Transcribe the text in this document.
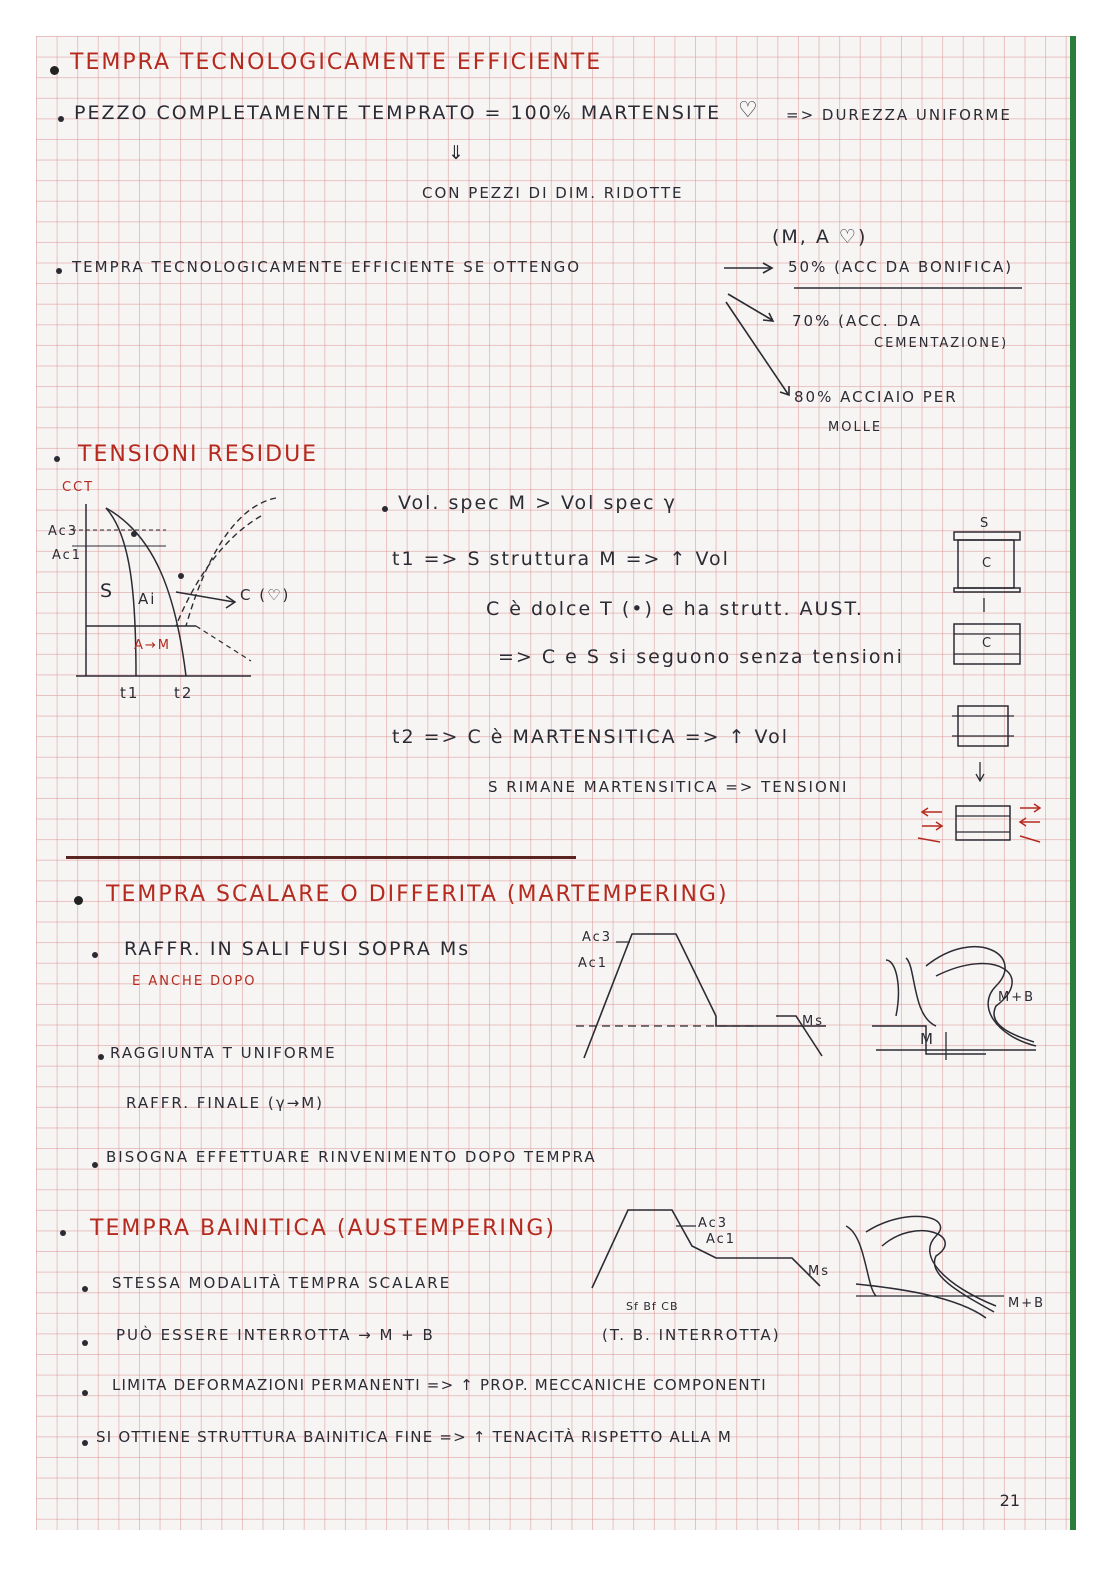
TEMPRA TECNOLOGICAMENTE EFFICIENTE
PEZZO COMPLETAMENTE TEMPRATO = 100% MARTENSITE ♡ => DUREZZA UNIFORME
⇓
CON PEZZI DI DIM. RIDOTTE
(M, A ♡)
TEMPRA TECNOLOGICAMENTE EFFICIENTE SE OTTENGO	50% (ACC DA BONIFICA)
70% (ACC. DA
CEMENTAZIONE)
80% ACCIAIO PER
MOLLE
TENSIONI RESIDUE
CCT
Ac3
Ac1
S Ai	C (♡)
A→M
t1 t2
Vol. spec M > Vol spec γ
t1 => S struttura M => ↑ Vol
C è dolce T (•) e ha strutt. AUST.
=> C e S si seguono senza tensioni
t2 => C è MARTENSITICA => ↑ Vol
S RIMANE MARTENSITICA => TENSIONI
S
C
C
TEMPRA SCALARE O DIFFERITA (MARTEMPERING)
RAFFR. IN SALI FUSI SOPRA Ms
E ANCHE DOPO
RAGGIUNTA T UNIFORME
RAFFR. FINALE (γ→M)
BISOGNA EFFETTUARE RINVENIMENTO DOPO TEMPRA
Ac3
Ac1
Ms
M+B
M
TEMPRA BAINITICA (AUSTEMPERING)
STESSA MODALITÀ TEMPRA SCALARE
PUÒ ESSERE INTERROTTA → M + B	(T. B. INTERROTTA)
LIMITA DEFORMAZIONI PERMANENTI => ↑ PROP. MECCANICHE COMPONENTI
SI OTTIENE STRUTTURA BAINITICA FINE => ↑ TENACITÀ RISPETTO ALLA M
Ac3
Ac1
Ms
Sf Bf CB	M+B
21
